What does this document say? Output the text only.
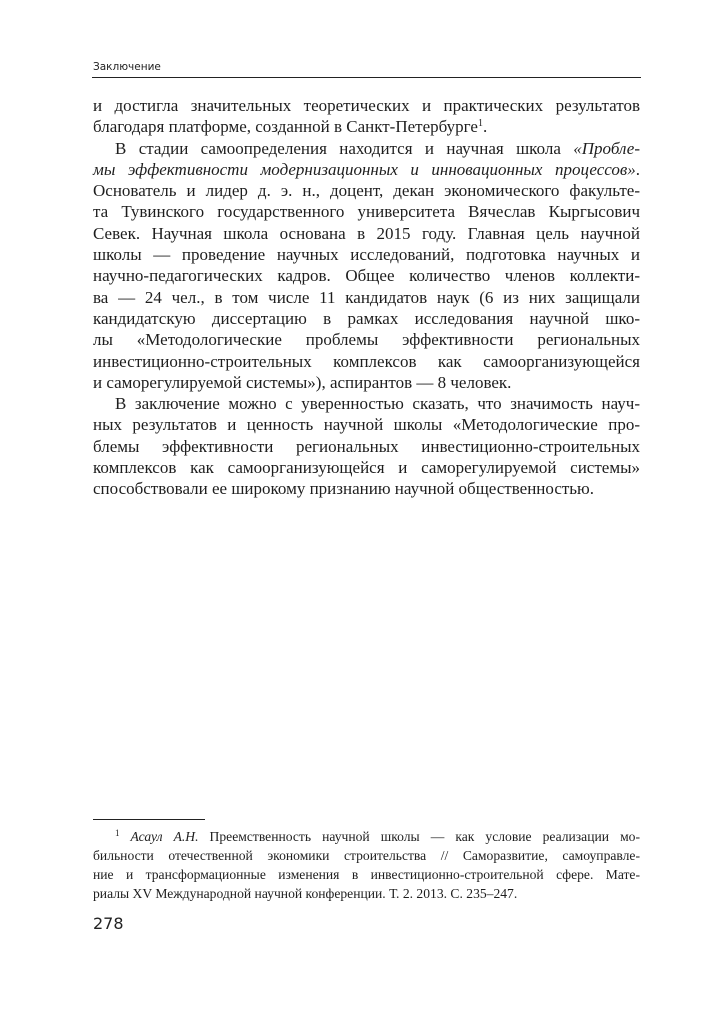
Заключение
и достигла значительных теоретических и практических результатов
благодаря платформе, созданной в Санкт-Петербурге$^1$.
В стадии самоопределения находится и научная школа «Пробле-
мы эффективности модернизационных и инновационных процессов».
Основатель и лидер д. э. н., доцент, декан экономического факульте-
та Тувинского государственного университета Вячеслав Кыргысович
Севек. Научная школа основана в 2015 году. Главная цель научной
школы — проведение научных исследований, подготовка научных и
научно-педагогических кадров. Общее количество членов коллекти-
ва — 24 чел., в том числе 11 кандидатов наук (6 из них защищали
кандидатскую диссертацию в рамках исследования научной шко-
лы «Методологические проблемы эффективности региональных
инвестиционно-строительных комплексов как самоорганизующейся
и саморегулируемой системы»), аспирантов — 8 человек.
В заключение можно с уверенностью сказать, что значимость науч-
ных результатов и ценность научной школы «Методологические про-
блемы эффективности региональных инвестиционно-строительных
комплексов как самоорганизующейся и саморегулируемой системы»
способствовали ее широкому признанию научной общественностью.
$^1$ Асаул А.Н. Преемственность научной школы — как условие реализации мо-
бильности отечественной экономики строительства // Саморазвитие, самоуправле-
ние и трансформационные изменения в инвестиционно-строительной сфере. Мате-
риалы XV Международной научной конференции. Т. 2. 2013. С. 235–247.
278
